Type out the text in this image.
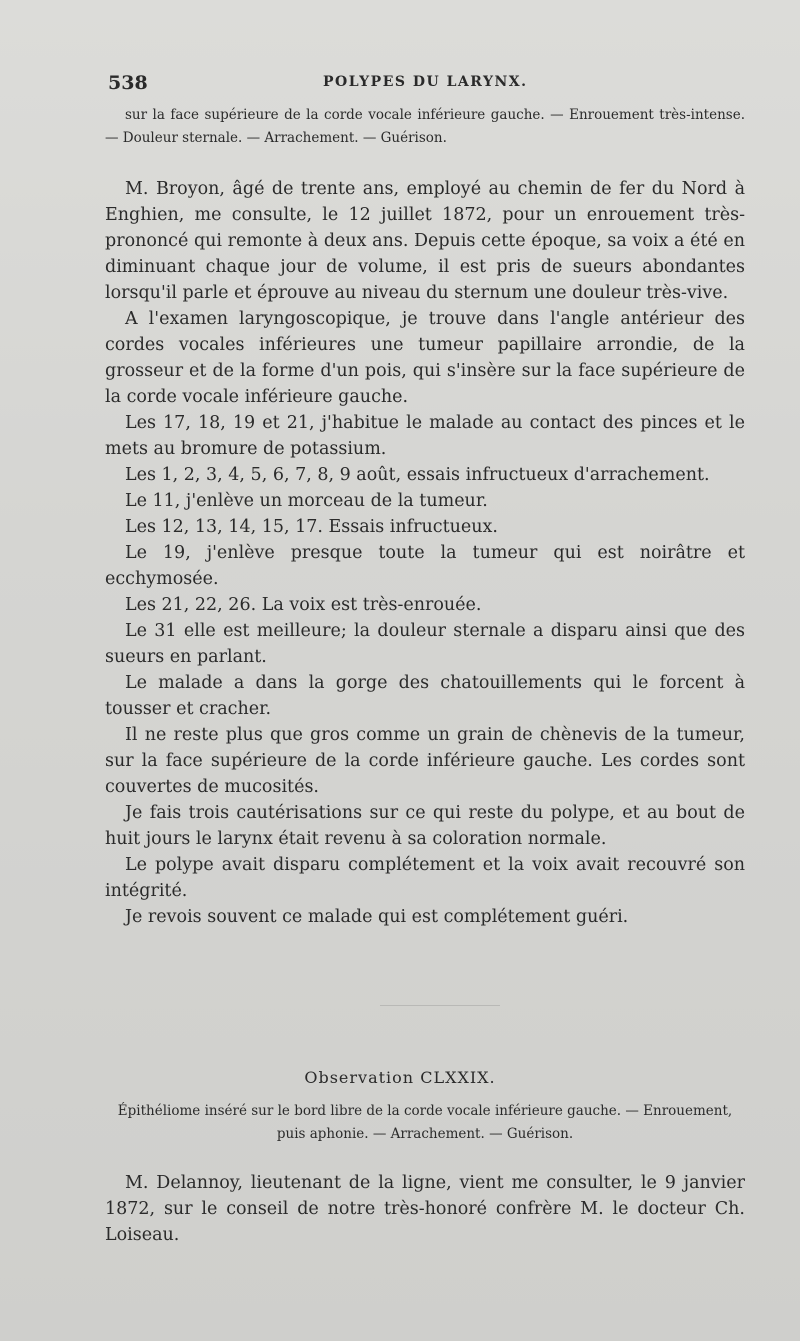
538	POLYPES DU LARYNX.

sur la face supérieure de la corde vocale inférieure gauche. — Enrouement très-intense. — Douleur sternale. — Arrachement. — Guérison.

M. Broyon, âgé de trente ans, employé au chemin de fer du Nord à Enghien, me consulte, le 12 juillet 1872, pour un enrouement très-prononcé qui remonte à deux ans. Depuis cette époque, sa voix a été en diminuant chaque jour de volume, il est pris de sueurs abondantes lorsqu'il parle et éprouve au niveau du sternum une douleur très-vive.

A l'examen laryngoscopique, je trouve dans l'angle antérieur des cordes vocales inférieures une tumeur papillaire arrondie, de la grosseur et de la forme d'un pois, qui s'insère sur la face supérieure de la corde vocale inférieure gauche.

Les 17, 18, 19 et 21, j'habitue le malade au contact des pinces et le mets au bromure de potassium.

Les 1, 2, 3, 4, 5, 6, 7, 8, 9 août, essais infructueux d'arrachement.

Le 11, j'enlève un morceau de la tumeur.

Les 12, 13, 14, 15, 17. Essais infructueux.

Le 19, j'enlève presque toute la tumeur qui est noirâtre et ecchymosée.

Les 21, 22, 26. La voix est très-enrouée.

Le 31 elle est meilleure; la douleur sternale a disparu ainsi que des sueurs en parlant.

Le malade a dans la gorge des chatouillements qui le forcent à tousser et cracher.

Il ne reste plus que gros comme un grain de chènevis de la tumeur, sur la face supérieure de la corde inférieure gauche. Les cordes sont couvertes de mucosités.

Je fais trois cautérisations sur ce qui reste du polype, et au bout de huit jours le larynx était revenu à sa coloration normale.

Le polype avait disparu complétement et la voix avait recouvré son intégrité.

Je revois souvent ce malade qui est complétement guéri.

Observation CLXXIX.

Épithéliome inséré sur le bord libre de la corde vocale inférieure gauche. — Enrouement, puis aphonie. — Arrachement. — Guérison.

M. Delannoy, lieutenant de la ligne, vient me consulter, le 9 janvier 1872, sur le conseil de notre très-honoré confrère M. le docteur Ch. Loiseau.
